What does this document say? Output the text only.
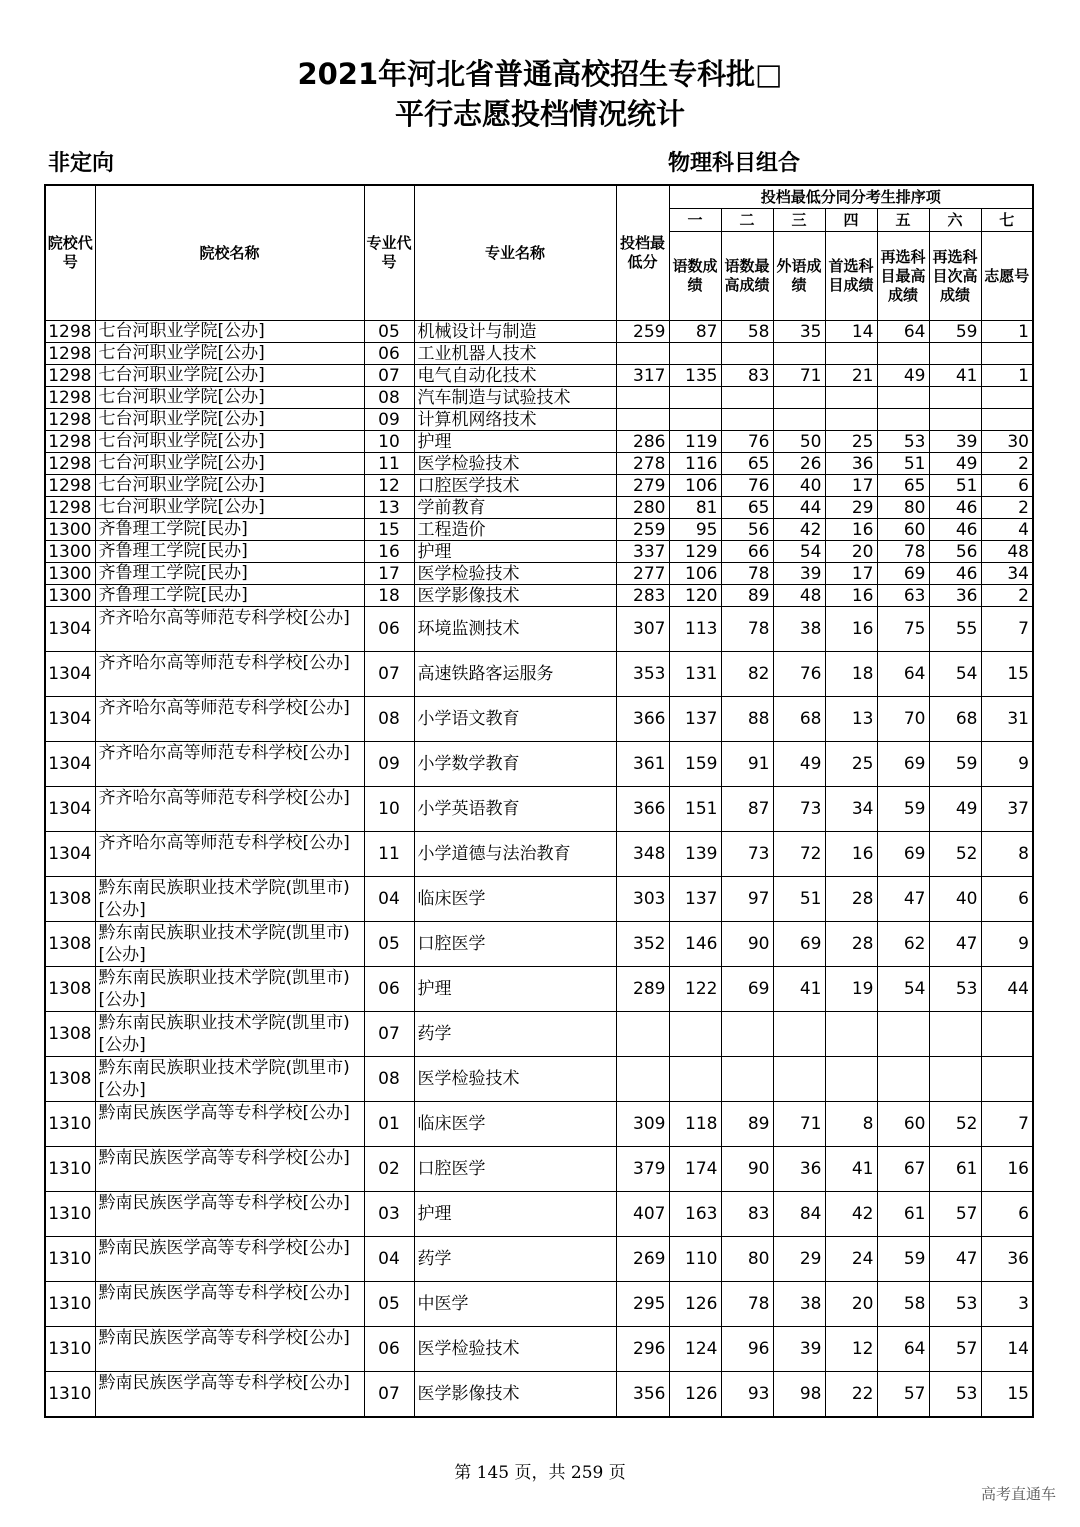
2021年河北省普通高校招生专科批□
平行志愿投档情况统计
非定向	物理科目组合
院校代号	院校名称	专业代号	专业名称	投档最低分	投档最低分同分考生排序项						
					一	二	三	四	五	六	七
					语数成绩	语数最高成绩	外语成绩	首选科目成绩	再选科目最高成绩	再选科目次高成绩	志愿号
1298	七台河职业学院[公办]	05	机械设计与制造	259	87	58	35	14	64	59	1
1298	七台河职业学院[公办]	06	工业机器人技术								
1298	七台河职业学院[公办]	07	电气自动化技术	317	135	83	71	21	49	41	1
1298	七台河职业学院[公办]	08	汽车制造与试验技术								
1298	七台河职业学院[公办]	09	计算机网络技术								
1298	七台河职业学院[公办]	10	护理	286	119	76	50	25	53	39	30
1298	七台河职业学院[公办]	11	医学检验技术	278	116	65	26	36	51	49	2
1298	七台河职业学院[公办]	12	口腔医学技术	279	106	76	40	17	65	51	6
1298	七台河职业学院[公办]	13	学前教育	280	81	65	44	29	80	46	2
1300	齐鲁理工学院[民办]	15	工程造价	259	95	56	42	16	60	46	4
1300	齐鲁理工学院[民办]	16	护理	337	129	66	54	20	78	56	48
1300	齐鲁理工学院[民办]	17	医学检验技术	277	106	78	39	17	69	46	34
1300	齐鲁理工学院[民办]	18	医学影像技术	283	120	89	48	16	63	36	2
1304	齐齐哈尔高等师范专科学校[公办]	06	环境监测技术	307	113	78	38	16	75	55	7
1304	齐齐哈尔高等师范专科学校[公办]	07	高速铁路客运服务	353	131	82	76	18	64	54	15
1304	齐齐哈尔高等师范专科学校[公办]	08	小学语文教育	366	137	88	68	13	70	68	31
1304	齐齐哈尔高等师范专科学校[公办]	09	小学数学教育	361	159	91	49	25	69	59	9
1304	齐齐哈尔高等师范专科学校[公办]	10	小学英语教育	366	151	87	73	34	59	49	37
1304	齐齐哈尔高等师范专科学校[公办]	11	小学道德与法治教育	348	139	73	72	16	69	52	8
1308	黔东南民族职业技术学院(凯里市)[公办]	04	临床医学	303	137	97	51	28	47	40	6
1308	黔东南民族职业技术学院(凯里市)[公办]	05	口腔医学	352	146	90	69	28	62	47	9
1308	黔东南民族职业技术学院(凯里市)[公办]	06	护理	289	122	69	41	19	54	53	44
1308	黔东南民族职业技术学院(凯里市)[公办]	07	药学								
1308	黔东南民族职业技术学院(凯里市)[公办]	08	医学检验技术								
1310	黔南民族医学高等专科学校[公办]	01	临床医学	309	118	89	71	8	60	52	7
1310	黔南民族医学高等专科学校[公办]	02	口腔医学	379	174	90	36	41	67	61	16
1310	黔南民族医学高等专科学校[公办]	03	护理	407	163	83	84	42	61	57	6
1310	黔南民族医学高等专科学校[公办]	04	药学	269	110	80	29	24	59	47	36
1310	黔南民族医学高等专科学校[公办]	05	中医学	295	126	78	38	20	58	53	3
1310	黔南民族医学高等专科学校[公办]	06	医学检验技术	296	124	96	39	12	64	57	14
1310	黔南民族医学高等专科学校[公办]	07	医学影像技术	356	126	93	98	22	57	53	15
第 145 页，共 259 页
高考直通车
